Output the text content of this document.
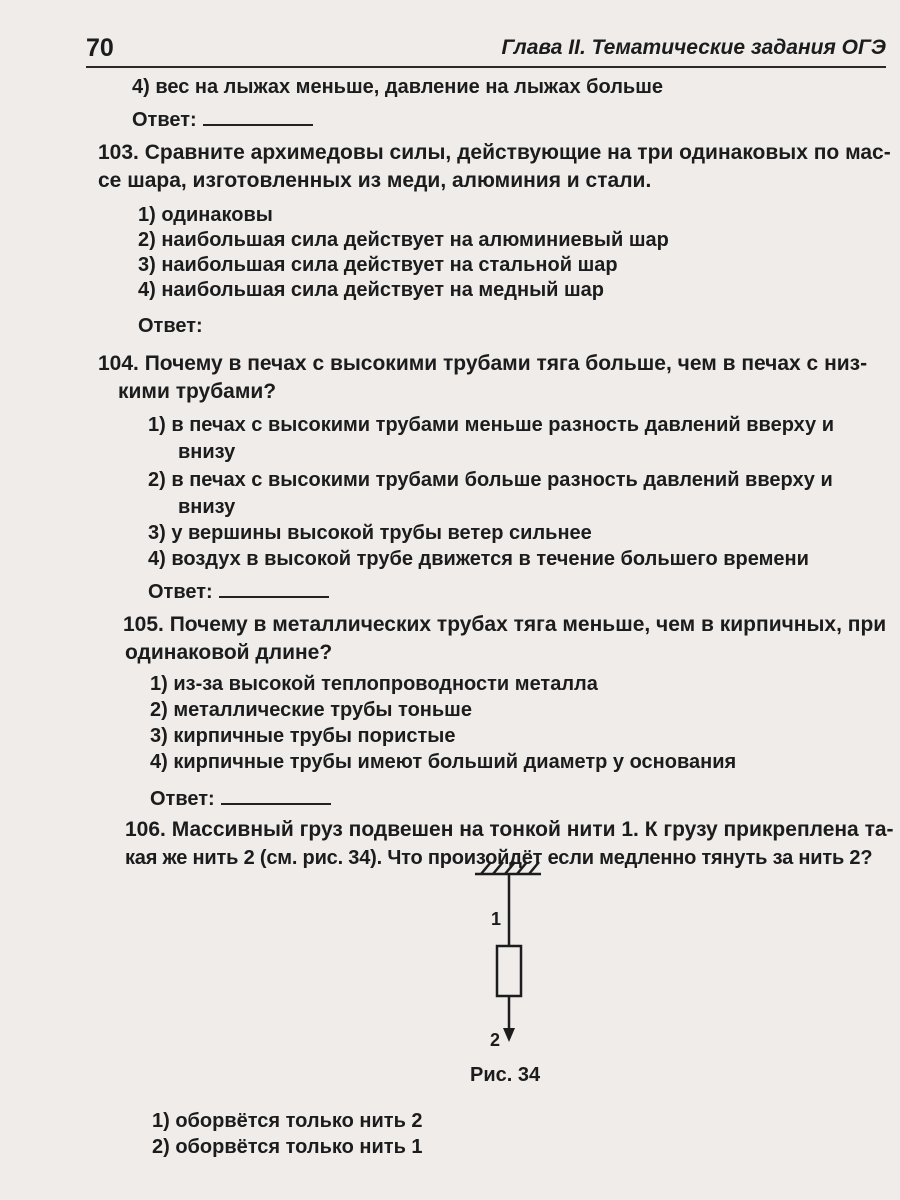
70	Глава II. Тематические задания ОГЭ
4) вес на лыжах меньше, давление на лыжах больше
Ответ:
103. Сравните архимедовы силы, действующие на три одинаковых по мас-
се шара, изготовленных из меди, алюминия и стали.
1) одинаковы
2) наибольшая сила действует на алюминиевый шар
3) наибольшая сила действует на стальной шар
4) наибольшая сила действует на медный шар
Ответ:
104. Почему в печах с высокими трубами тяга больше, чем в печах с низ-
кими трубами?
1) в печах с высокими трубами меньше разность давлений вверху и
внизу
2) в печах с высокими трубами больше разность давлений вверху и
внизу
3) у вершины высокой трубы ветер сильнее
4) воздух в высокой трубе движется в течение большего времени
Ответ:
105. Почему в металлических трубах тяга меньше, чем в кирпичных, при
одинаковой длине?
1) из-за высокой теплопроводности металла
2) металлические трубы тоньше
3) кирпичные трубы пористые
4) кирпичные трубы имеют больший диаметр у основания
Ответ:
106. Массивный груз подвешен на тонкой нити 1. К грузу прикреплена та-
кая же нить 2 (см. рис. 34). Что произойдёт если медленно тянуть за нить 2?
1
2
Рис. 34
1) оборвётся только нить 2
2) оборвётся только нить 1
